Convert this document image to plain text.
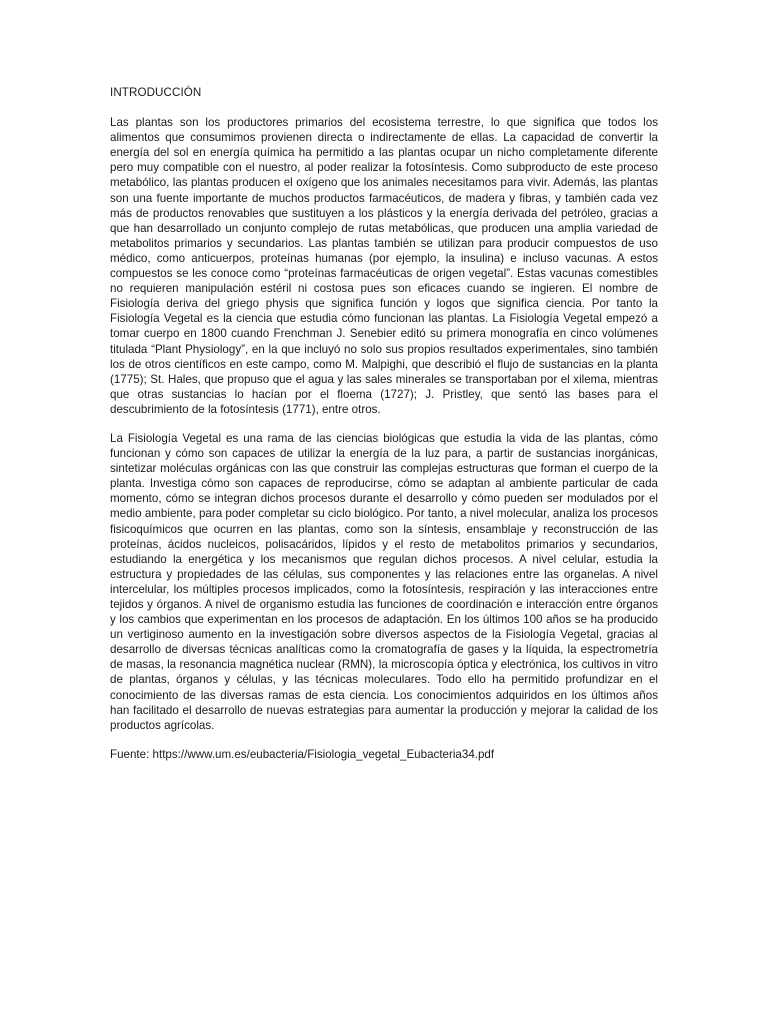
INTRODUCCIÓN

Las plantas son los productores primarios del ecosistema terrestre, lo que significa que todos los alimentos que consumimos provienen directa o indirectamente de ellas. La capacidad de convertir la energía del sol en energía química ha permitido a las plantas ocupar un nicho completamente diferente pero muy compatible con el nuestro, al poder realizar la fotosíntesis. Como subproducto de este proceso metabólico, las plantas producen el oxígeno que los animales necesitamos para vivir. Además, las plantas son una fuente importante de muchos productos farmacéuticos, de madera y fibras, y también cada vez más de productos renovables que sustituyen a los plásticos y la energía derivada del petróleo, gracias a que han desarrollado un conjunto complejo de rutas metabólicas, que producen una amplia variedad de metabolitos primarios y secundarios. Las plantas también se utilizan para producir compuestos de uso médico, como anticuerpos, proteínas humanas (por ejemplo, la insulina) e incluso vacunas. A estos compuestos se les conoce como “proteínas farmacéuticas de origen vegetal”. Estas vacunas comestibles no requieren manipulación estéril ni costosa pues son eficaces cuando se ingieren. El nombre de Fisiología deriva del griego physis que significa función y logos que significa ciencia. Por tanto la Fisiología Vegetal es la ciencia que estudia cómo funcionan las plantas. La Fisiología Vegetal empezó a tomar cuerpo en 1800 cuando Frenchman J. Senebier editó su primera monografía en cinco volúmenes titulada “Plant Physiology”, en la que incluyó no solo sus propios resultados experimentales, sino también los de otros científicos en este campo, como M. Malpighi, que describió el flujo de sustancias en la planta (1775); St. Hales, que propuso que el agua y las sales minerales se transportaban por el xilema, mientras que otras sustancias lo hacían por el floema (1727); J. Pristley, que sentó las bases para el descubrimiento de la fotosíntesis (1771), entre otros.

La Fisiología Vegetal es una rama de las ciencias biológicas que estudia la vida de las plantas, cómo funcionan y cómo son capaces de utilizar la energía de la luz para, a partir de sustancias inorgánicas, sintetizar moléculas orgánicas con las que construir las complejas estructuras que forman el cuerpo de la planta. Investiga cómo son capaces de reproducirse, cómo se adaptan al ambiente particular de cada momento, cómo se integran dichos procesos durante el desarrollo y cómo pueden ser modulados por el medio ambiente, para poder completar su ciclo biológico. Por tanto, a nivel molecular, analiza los procesos fisicoquímicos que ocurren en las plantas, como son la síntesis, ensamblaje y reconstrucción de las proteínas, ácidos nucleicos, polisacáridos, lípidos y el resto de metabolitos primarios y secundarios, estudiando la energética y los mecanismos que regulan dichos procesos. A nivel celular, estudia la estructura y propiedades de las células, sus componentes y las relaciones entre las organelas. A nivel intercelular, los múltiples procesos implicados, como la fotosíntesis, respiración y las interacciones entre tejidos y órganos. A nivel de organismo estudia las funciones de coordinación e interacción entre órganos y los cambios que experimentan en los procesos de adaptación. En los últimos 100 años se ha producido un vertiginoso aumento en la investigación sobre diversos aspectos de la Fisiología Vegetal, gracias al desarrollo de diversas técnicas analíticas como la cromatografía de gases y la líquida, la espectrometría de masas, la resonancia magnética nuclear (RMN), la microscopía óptica y electrónica, los cultivos in vitro de plantas, órganos y células, y las técnicas moleculares. Todo ello ha permitido profundizar en el conocimiento de las diversas ramas de esta ciencia. Los conocimientos adquiridos en los últimos años han facilitado el desarrollo de nuevas estrategias para aumentar la producción y mejorar la calidad de los productos agrícolas.

Fuente: https://www.um.es/eubacteria/Fisiologia_vegetal_Eubacteria34.pdf
